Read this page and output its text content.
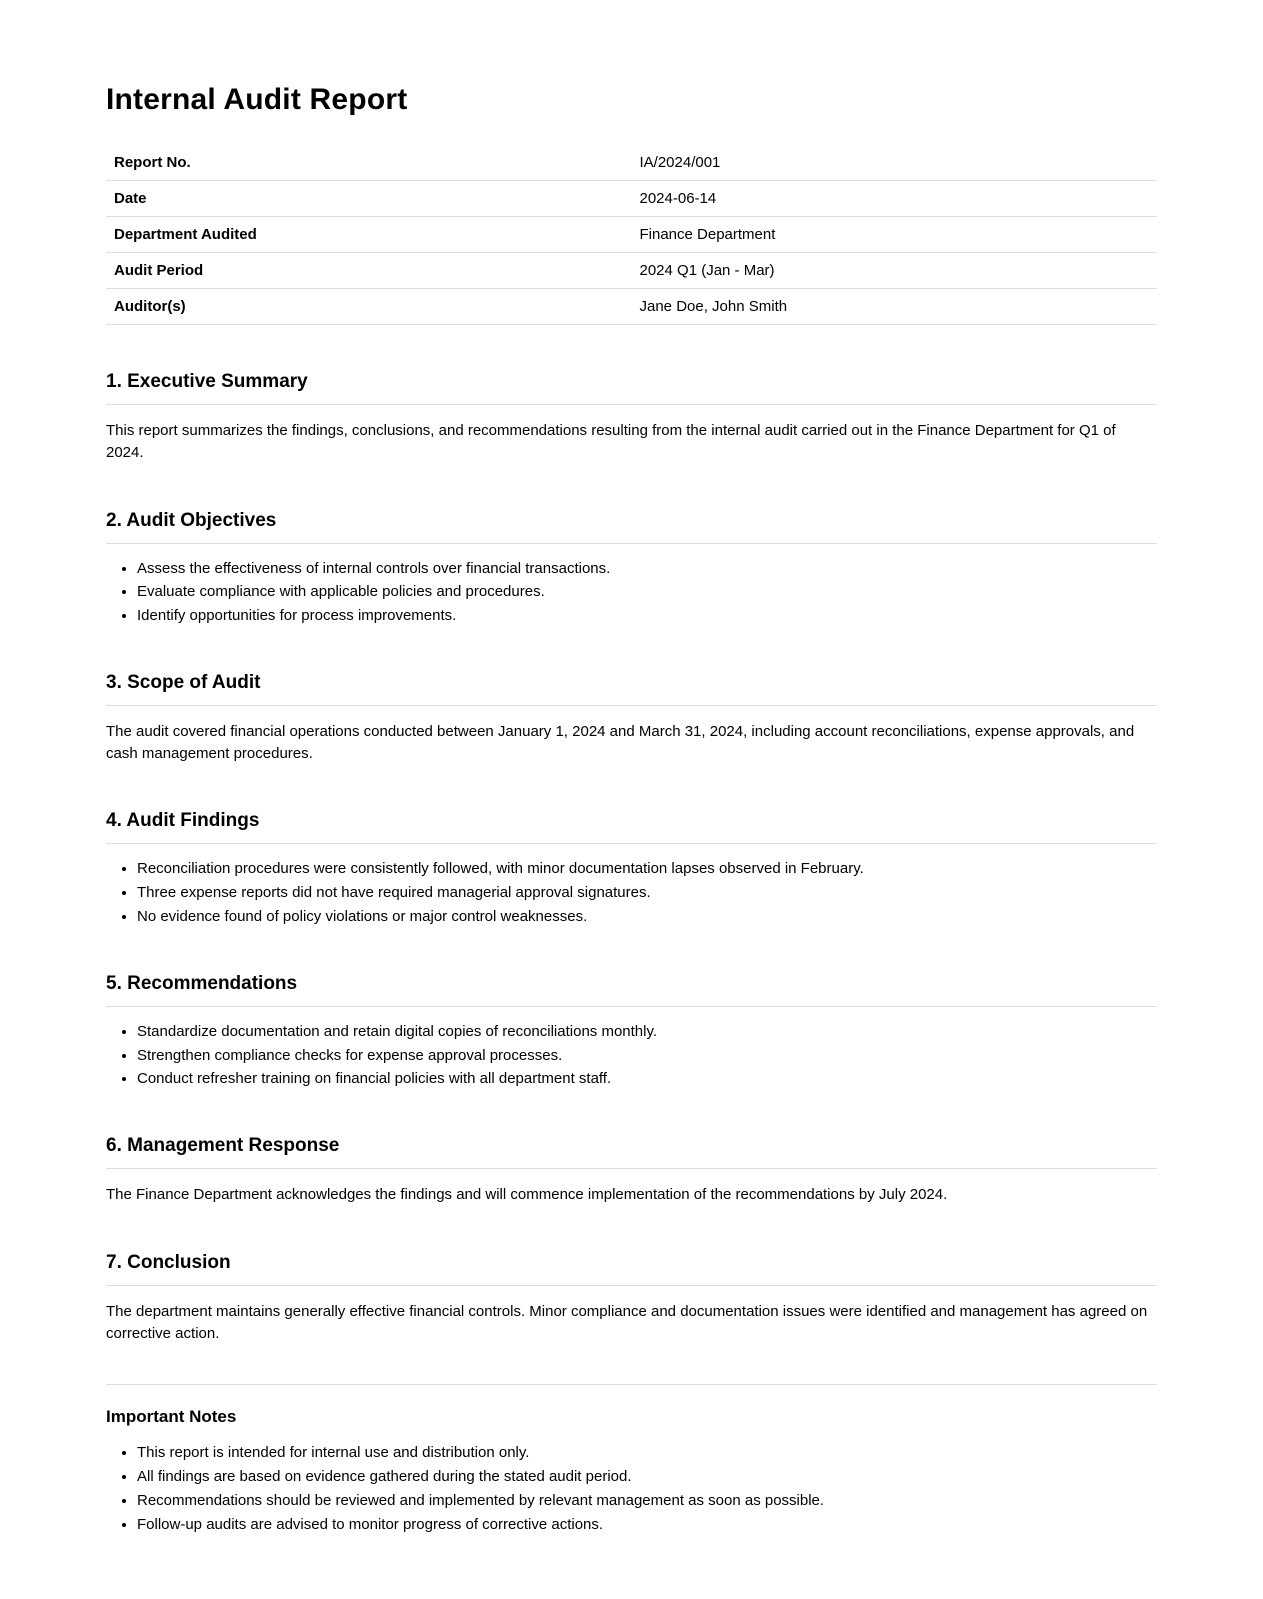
Internal Audit Report
Report No.	IA/2024/001
Date	2024-06-14
Department Audited	Finance Department
Audit Period	2024 Q1 (Jan - Mar)
Auditor(s)	Jane Doe, John Smith
1. Executive Summary

This report summarizes the findings, conclusions, and recommendations resulting from the internal audit carried out in the Finance Department for Q1 of 2024.

2. Audit Objectives
• Assess the effectiveness of internal controls over financial transactions.
• Evaluate compliance with applicable policies and procedures.
• Identify opportunities for process improvements.
3. Scope of Audit

The audit covered financial operations conducted between January 1, 2024 and March 31, 2024, including account reconciliations, expense approvals, and cash management procedures.

4. Audit Findings
• Reconciliation procedures were consistently followed, with minor documentation lapses observed in February.
• Three expense reports did not have required managerial approval signatures.
• No evidence found of policy violations or major control weaknesses.
5. Recommendations
• Standardize documentation and retain digital copies of reconciliations monthly.
• Strengthen compliance checks for expense approval processes.
• Conduct refresher training on financial policies with all department staff.
6. Management Response

The Finance Department acknowledges the findings and will commence implementation of the recommendations by July 2024.

7. Conclusion

The department maintains generally effective financial controls. Minor compliance and documentation issues were identified and management has agreed on corrective action.

Important Notes
• This report is intended for internal use and distribution only.
• All findings are based on evidence gathered during the stated audit period.
• Recommendations should be reviewed and implemented by relevant management as soon as possible.
• Follow-up audits are advised to monitor progress of corrective actions.
